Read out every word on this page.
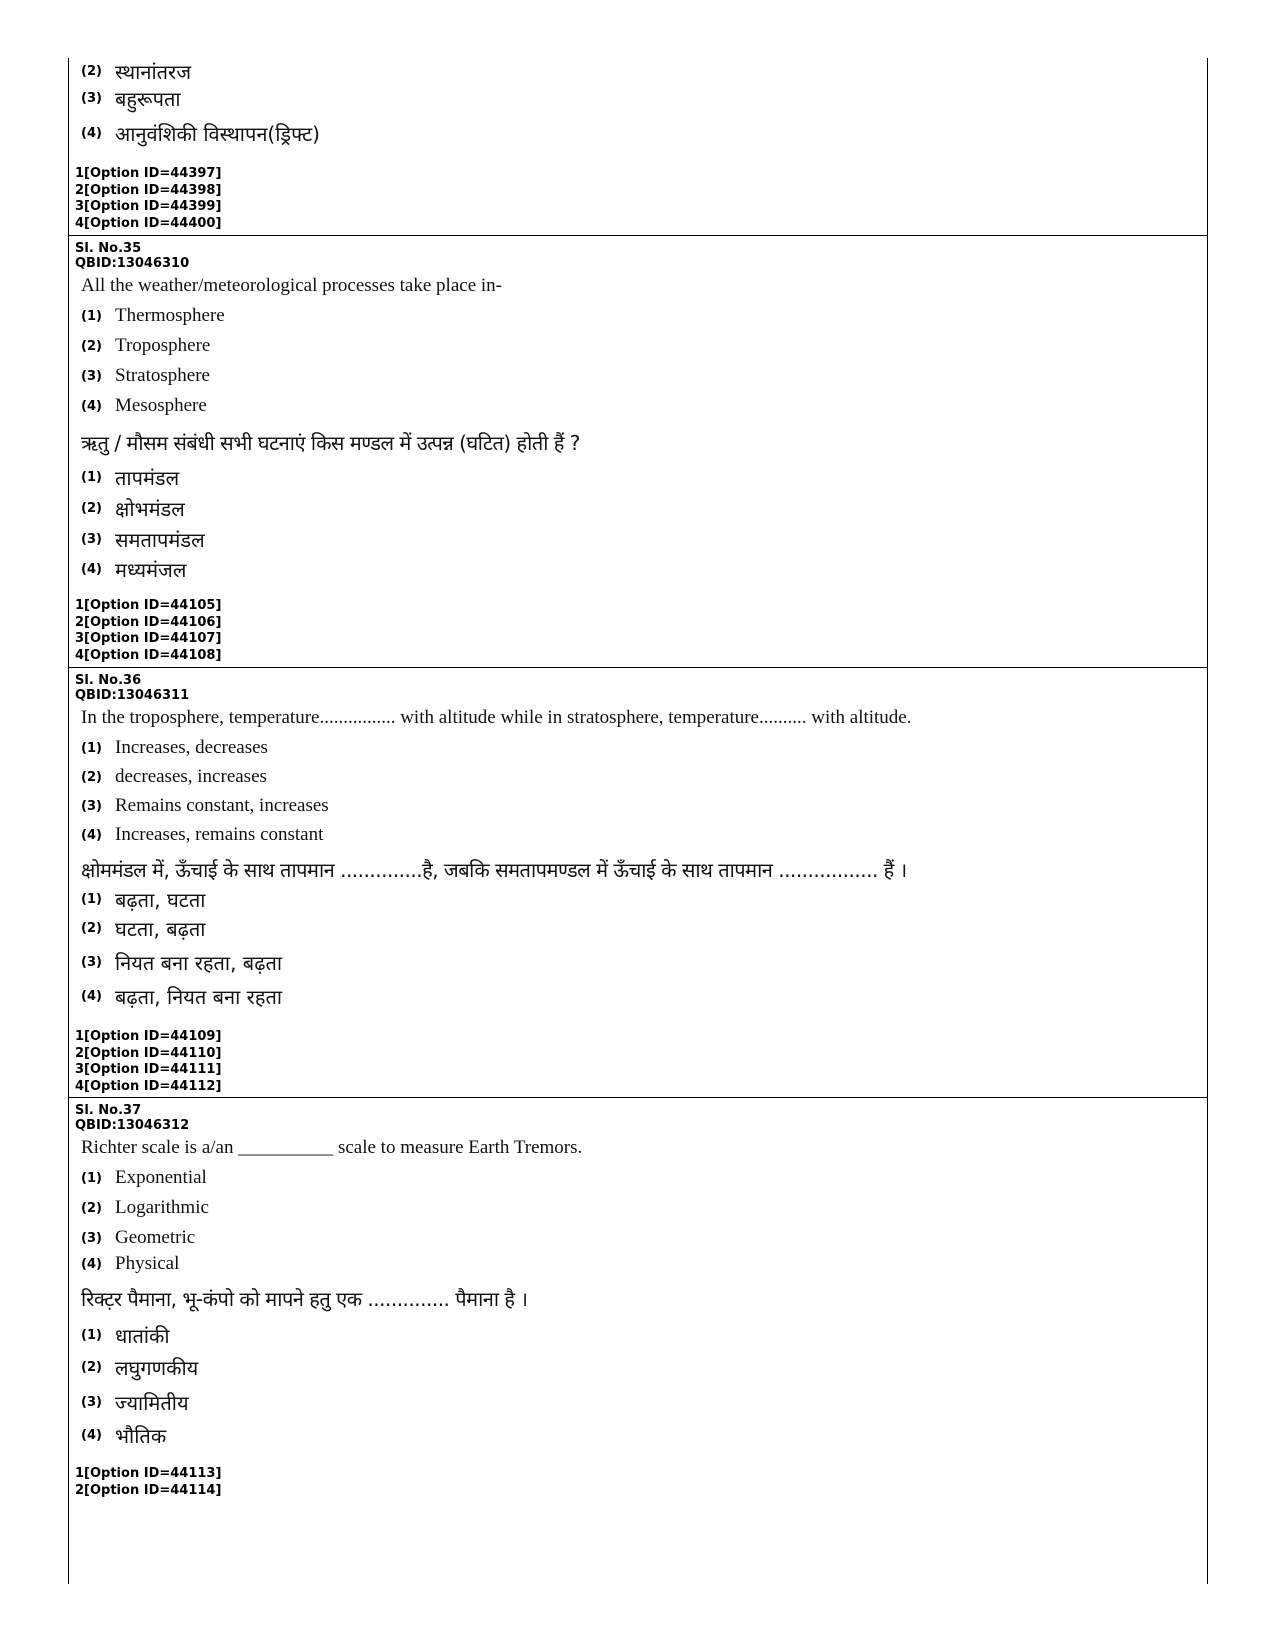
(2) स्थानांतरज
(3) बहुरूपता
(4) आनुवंशिकी विस्थापन(ड्रिफ्ट)
1[Option ID=44397]
2[Option ID=44398]
3[Option ID=44399]
4[Option ID=44400]
Sl. No.35
QBID:13046310
All the weather/meteorological processes take place in-
(1) Thermosphere
(2) Troposphere
(3) Stratosphere
(4) Mesosphere
ऋतु / मौसम संबंधी सभी घटनाएं किस मण्डल में उत्पन्न (घटित) होती हैं ?
(1) तापमंडल
(2) क्षोभमंडल
(3) समतापमंडल
(4) मध्यमंजल
1[Option ID=44105]
2[Option ID=44106]
3[Option ID=44107]
4[Option ID=44108]
Sl. No.36
QBID:13046311
In the troposphere, temperature................ with altitude while in stratosphere, temperature.......... with altitude.
(1) Increases, decreases
(2) decreases, increases
(3) Remains constant, increases
(4) Increases, remains constant
क्षोममंडल में, ऊँचाई के साथ तापमान ..............है, जबकि समतापमण्डल में ऊँचाई के साथ तापमान ................. हैं ।
(1) बढ़ता, घटता
(2) घटता, बढ़ता
(3) नियत बना रहता, बढ़ता
(4) बढ़ता, नियत बना रहता
1[Option ID=44109]
2[Option ID=44110]
3[Option ID=44111]
4[Option ID=44112]
Sl. No.37
QBID:13046312
Richter scale is a/an __________ scale to measure Earth Tremors.
(1) Exponential
(2) Logarithmic
(3) Geometric
(4) Physical
रिक्ट़र पैमाना, भू-कंपो को मापने हतु एक .............. पैमाना है ।
(1) धातांकी
(2) लघुगणकीय
(3) ज्यामितीय
(4) भौतिक
1[Option ID=44113]
2[Option ID=44114]
